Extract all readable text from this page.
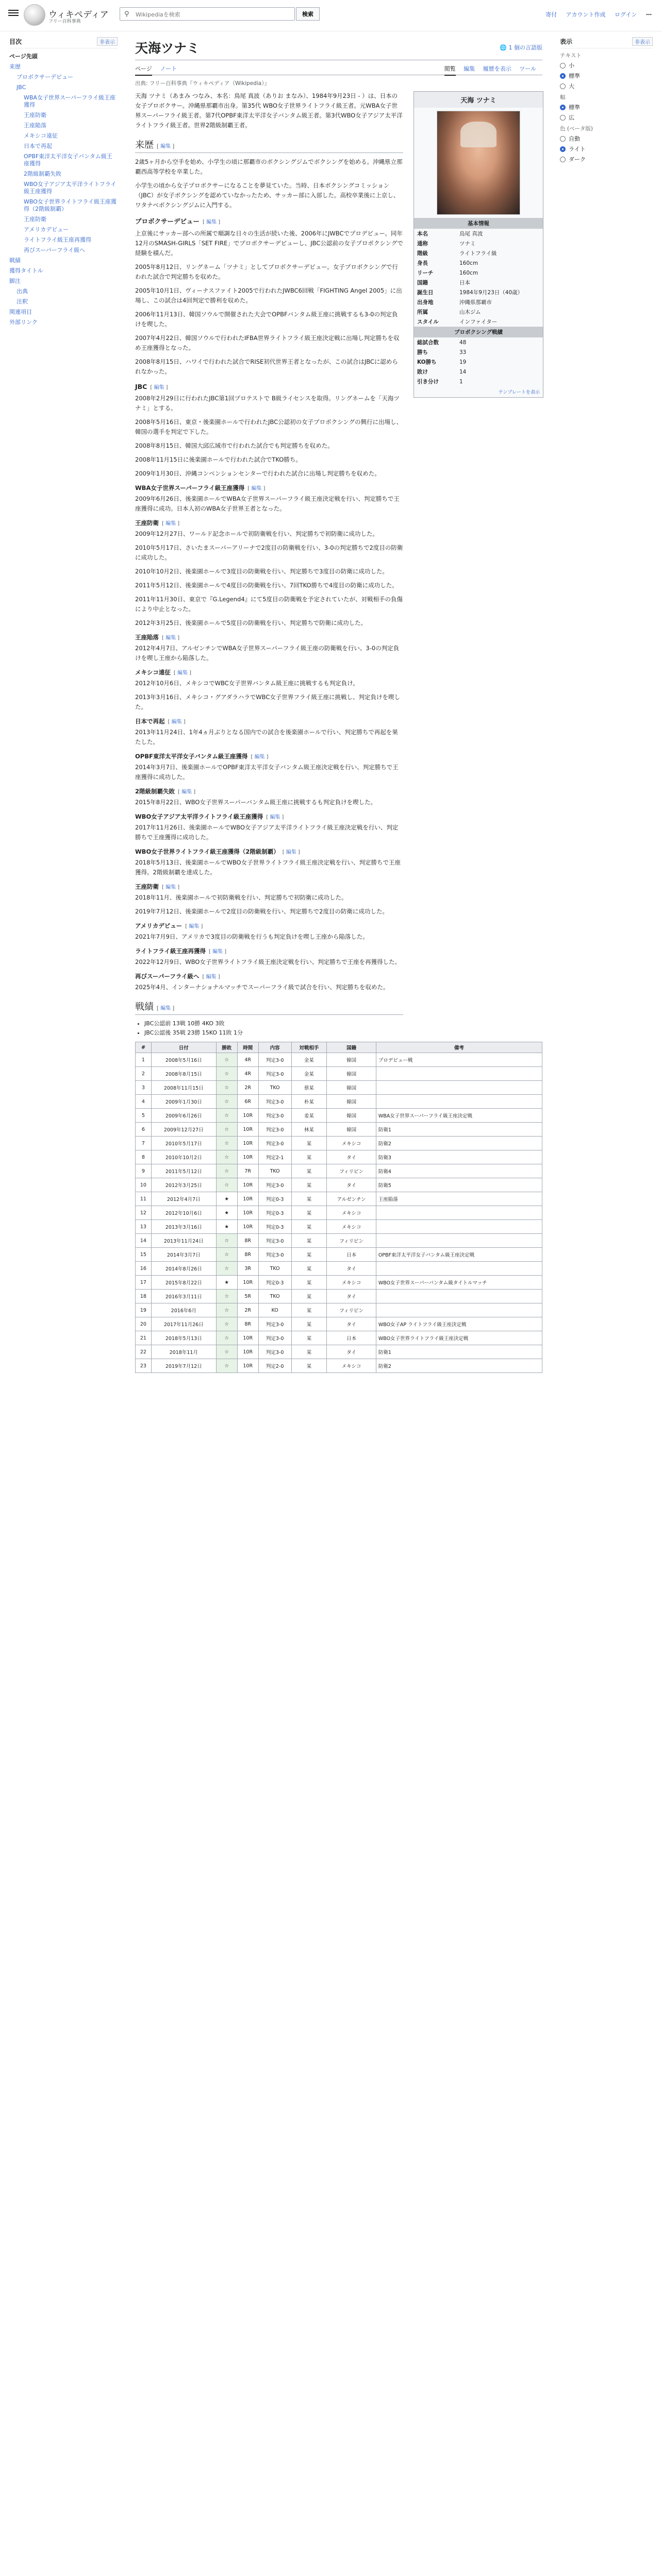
ウィキペディア
フリー百科事典
⚲
Wikipediaを検索	検索	寄付 アカウント作成 ログイン ⋯
目次	非表示
ページ先頭
来歴
プロボクサーデビュー
JBC
WBA女子世界スーパーフライ級王座獲得
王座防衛
王座陥落
メキシコ遠征
日本で再起
OPBF東洋太平洋女子バンタム級王座獲得
2階級制覇失敗
WBO女子アジア太平洋ライトフライ級王座獲得
WBO女子世界ライトフライ級王座獲得（2階級制覇）
王座防衛
アメリカデビュー
ライトフライ級王座再獲得
再びスーパーフライ級へ
戦績
獲得タイトル
脚注
出典
注釈
関連項目
外部リンク
天海ツナミ	🌐 1 個の言語版
ページ ノート	閲覧 編集 履歴を表示 ツール
出典: フリー百科事典『ウィキペディア（Wikipedia）』

天海 ツナミ（あまみ つなみ、本名：鳥尾 真波（ありお まなみ）、1984年9月23日 - ）は、日本の女子プロボクサー。沖縄県那覇市出身。第35代 WBO女子世界ライトフライ級王者。元WBA女子世界スーパーフライ級王者。第7代OPBF東洋太平洋女子バンタム級王者。第3代WBO女子アジア太平洋ライトフライ級王者。世界2階級制覇王者。

来歴 [ 編集 ]

2歳5ヶ月から空手を始め、小学生の頃に那覇市のボクシングジムでボクシングを始める。沖縄県立那覇西高等学校を卒業した。

小学生の頃から女子プロボクサーになることを夢見ていた。当時、日本ボクシングコミッション（JBC）が女子ボクシングを認めていなかったため、サッカー部に入部した。高校卒業後に上京し、ワタナベボクシングジムに入門する。

プロボクサーデビュー [ 編集 ]

上京後にサッカー部への所属で順調な日々の生活が続いた後、2006年にJWBCでプロデビュー。同年12月のSMASH-GIRLS「SET FIRE」でプロボクサーデビューし、JBC公認前の女子プロボクシングで経験を積んだ。

2005年8月12日、リングネーム「ツナミ」としてプロボクサーデビュー。女子プロボクシングで行われた試合で判定勝ちを収めた。

2005年10月1日、ヴィーナスファイト2005で行われたJWBC6回戦「FIGHTING Angel 2005」に出場し、この試合は4回判定で勝利を収めた。

2006年11月13日、韓国ソウルで開催された大会でOPBFバンタム級王座に挑戦するも3-0の判定負けを喫した。

2007年4月22日、韓国ソウルで行われたIFBA世界ライトフライ級王座決定戦に出場し判定勝ちを収め王座獲得となった。

2008年8月15日、ハワイで行われた試合でRISE初代世界王者となったが、この試合はJBCに認められなかった。

JBC [ 編集 ]

2008年2月29日に行われたJBC第1回プロテストで B級ライセンスを取得。リングネームを「天海ツナミ」とする。

2008年5月16日、東京・後楽園ホールで行われたJBC公認初の女子プロボクシングの興行に出場し、韓国の選手を判定で下した。

2008年8月15日、韓国大邱広域市で行われた試合でも判定勝ちを収めた。

2008年11月15日に後楽園ホールで行われた試合でTKO勝ち。

2009年1月30日、沖縄コンベンションセンターで行われた試合に出場し判定勝ちを収めた。

WBA女子世界スーパーフライ級王座獲得 [ 編集 ]

2009年6月26日、後楽園ホールでWBA女子世界スーパーフライ級王座決定戦を行い、判定勝ちで王座獲得に成功。日本人初のWBA女子世界王者となった。

王座防衛 [ 編集 ]

2009年12月27日、ワールド記念ホールで初防衛戦を行い、判定勝ちで初防衛に成功した。

2010年5月17日、さいたまスーパーアリーナで2度目の防衛戦を行い、3-0の判定勝ちで2度目の防衛に成功した。

2010年10月2日、後楽園ホールで3度目の防衛戦を行い、判定勝ちで3度目の防衛に成功した。

2011年5月12日、後楽園ホールで4度目の防衛戦を行い、7回TKO勝ちで4度目の防衛に成功した。

2011年11月30日、東京で『G.Legend4』にて5度目の防衛戦を予定されていたが、対戦相手の負傷により中止となった。

2012年3月25日、後楽園ホールで5度目の防衛戦を行い、判定勝ちで防衛に成功した。

王座陥落 [ 編集 ]

2012年4月7日、アルゼンチンでWBA女子世界スーパーフライ級王座の防衛戦を行い、3-0の判定負けを喫し王座から陥落した。

メキシコ遠征 [ 編集 ]

2012年10月6日、メキシコでWBC女子世界バンタム級王座に挑戦するも判定負け。

2013年3月16日、メキシコ・グアダラハラでWBC女子世界フライ級王座に挑戦し、判定負けを喫した。

日本で再起 [ 編集 ]

2013年11月24日、1年4ヵ月ぶりとなる国内での試合を後楽園ホールで行い、判定勝ちで再起を果たした。

OPBF東洋太平洋女子バンタム級王座獲得 [ 編集 ]

2014年3月7日、後楽園ホールでOPBF東洋太平洋女子バンタム級王座決定戦を行い、判定勝ちで王座獲得に成功した。

2階級制覇失敗 [ 編集 ]

2015年8月22日、WBO女子世界スーパーバンタム級王座に挑戦するも判定負けを喫した。

WBO女子アジア太平洋ライトフライ級王座獲得 [ 編集 ]

2017年11月26日、後楽園ホールでWBO女子アジア太平洋ライトフライ級王座決定戦を行い、判定勝ちで王座獲得に成功した。

WBO女子世界ライトフライ級王座獲得（2階級制覇） [ 編集 ]

2018年5月13日、後楽園ホールでWBO女子世界ライトフライ級王座決定戦を行い、判定勝ちで王座獲得。2階級制覇を達成した。

王座防衛 [ 編集 ]

2018年11月、後楽園ホールで初防衛戦を行い、判定勝ちで初防衛に成功した。

2019年7月12日、後楽園ホールで2度目の防衛戦を行い、判定勝ちで2度目の防衛に成功した。

アメリカデビュー [ 編集 ]

2021年7月9日、アメリカで3度目の防衛戦を行うも判定負けを喫し王座から陥落した。

ライトフライ級王座再獲得 [ 編集 ]

2022年12月9日、WBO女子世界ライトフライ級王座決定戦を行い、判定勝ちで王座を再獲得した。

再びスーパーフライ級へ [ 編集 ]

2025年4月、インターナショナルマッチでスーパーフライ級で試合を行い、判定勝ちを収めた。

戦績 [ 編集 ]
天海 ツナミ
基本情報
本名	鳥尾 真波
通称	ツナミ
階級	ライトフライ級
身長	160cm
リーチ	160cm
国籍	日本
誕生日	1984年9月23日（40歳）
出身地	沖縄県那覇市
所属	山木ジム
スタイル	インファイター
プロボクシング戦績
総試合数	48
勝ち	33
KO勝ち	19
敗け	14
引き分け	1
テンプレートを表示
• JBC公認前 13戦 10勝 4KO 3敗
• JBC公認後 35戦 23勝 15KO 11敗 1分
#	日付	勝敗	時間	内容	対戦相手	国籍	備考
1	2008年5月16日	☆	4R	判定3-0	金某	韓国	プロデビュー戦
2	2008年8月15日	☆	4R	判定3-0	金某	韓国	
3	2008年11月15日	☆	2R	TKO	蔡某	韓国	
4	2009年1月30日	☆	6R	判定3-0	朴某	韓国	
5	2009年6月26日	☆	10R	判定3-0	姜某	韓国	WBA女子世界スーパーフライ級王座決定戦
6	2009年12月27日	☆	10R	判定3-0	林某	韓国	防衛1
7	2010年5月17日	☆	10R	判定3-0	某	メキシコ	防衛2
8	2010年10月2日	☆	10R	判定2-1	某	タイ	防衛3
9	2011年5月12日	☆	7R	TKO	某	フィリピン	防衛4
10	2012年3月25日	☆	10R	判定3-0	某	タイ	防衛5
11	2012年4月7日	★	10R	判定0-3	某	アルゼンチン	王座陥落
12	2012年10月6日	★	10R	判定0-3	某	メキシコ	
13	2013年3月16日	★	10R	判定0-3	某	メキシコ	
14	2013年11月24日	☆	8R	判定3-0	某	フィリピン	
15	2014年3月7日	☆	8R	判定3-0	某	日本	OPBF東洋太平洋女子バンタム級王座決定戦
16	2014年8月26日	☆	3R	TKO	某	タイ	
17	2015年8月22日	★	10R	判定0-3	某	メキシコ	WBO女子世界スーパーバンタム級タイトルマッチ
18	2016年3月11日	☆	5R	TKO	某	タイ	
19	2016年6月	☆	2R	KO	某	フィリピン	
20	2017年11月26日	☆	8R	判定3-0	某	タイ	WBO女子AP ライトフライ級王座決定戦
21	2018年5月13日	☆	10R	判定3-0	某	日本	WBO女子世界ライトフライ級王座決定戦
22	2018年11月	☆	10R	判定3-0	某	タイ	防衛1
23	2019年7月12日	☆	10R	判定2-0	某	メキシコ	防衛2
表示	非表示
テキスト
小
標準
大
幅
標準
広
色 (ベータ版)
自動
ライト
ダーク
